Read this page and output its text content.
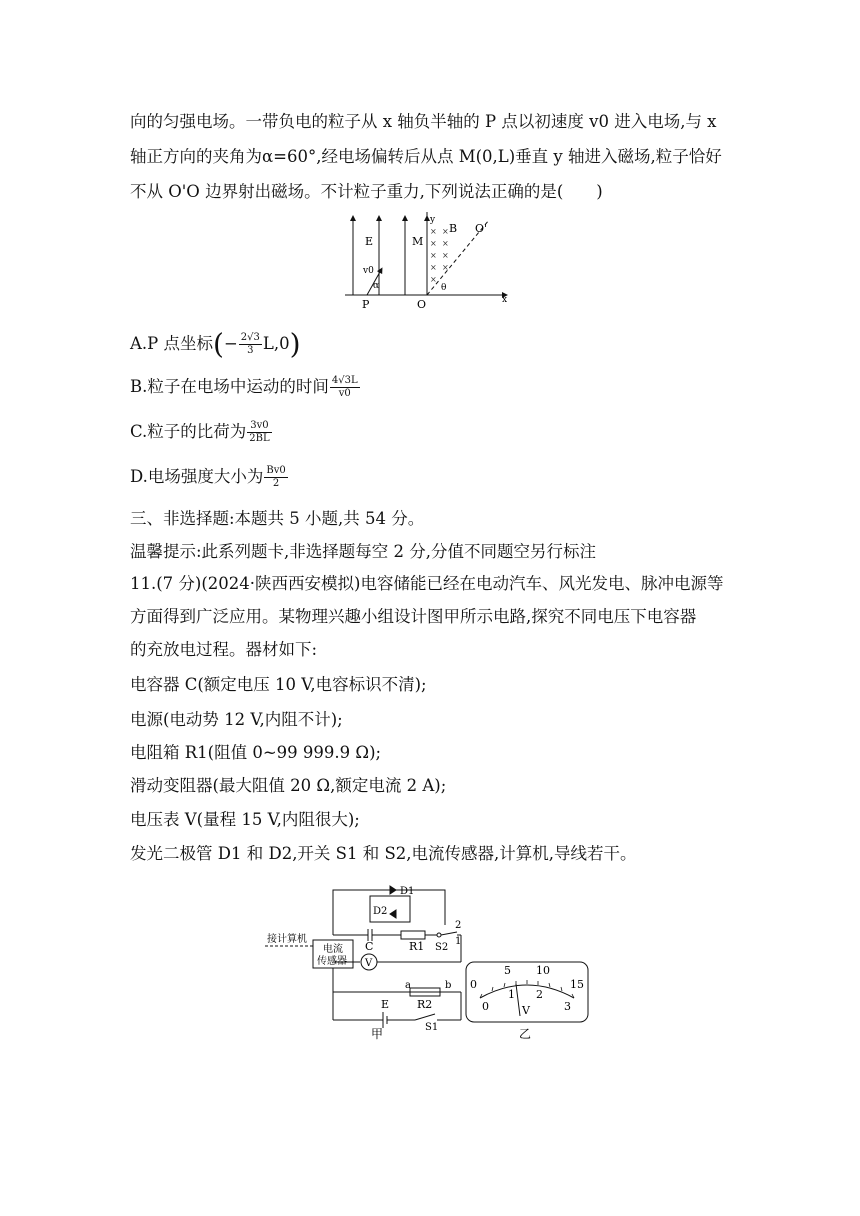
向的匀强电场。一带负电的粒子从 x 轴负半轴的 P 点以初速度 v0 进入电场,与 x
轴正方向的夹角为α=60°,经电场偏转后从点 M(0,L)垂直 y 轴进入磁场,粒子恰好
不从 O'O 边界射出磁场。不计粒子重力,下列说法正确的是(　　)
E	M
y
B O'
v0
α	θ
P	O	x
× ×
× ×
× ×
× ×
×
A.P 点坐标(− $\frac{2√3}{3} L,0$)
B.粒子在电场中运动的时间 $\frac{4√3L}{v0}$
C.粒子的比荷为 $\frac{3v0}{2BL}$
D.电场强度大小为 $\frac{Bv0}{2}$
三、非选择题:本题共 5 小题,共 54 分。
温馨提示:此系列题卡,非选择题每空 2 分,分值不同题空另行标注
11.(7 分)(2024·陕西西安模拟)电容储能已经在电动汽车、风光发电、脉冲电源等
方面得到广泛应用。某物理兴趣小组设计图甲所示电路,探究不同电压下电容器
的充放电过程。器材如下:
电容器 C(额定电压 10 V,电容标识不清);
电源(电动势 12 V,内阻不计);
电阻箱 R1(阻值 0~99 999.9 Ω);
滑动变阻器(最大阻值 20 Ω,额定电流 2 A);
电压表 V(量程 15 V,内阻很大);
发光二极管 D1 和 D2,开关 S1 和 S2,电流传感器,计算机,导线若干。
接计算机
电流
传感器
D1
D2
C	R1 S2
2
1
V
a	b
R2
E
S1
甲
0
5 10
15
0
1 2
3
V
乙
